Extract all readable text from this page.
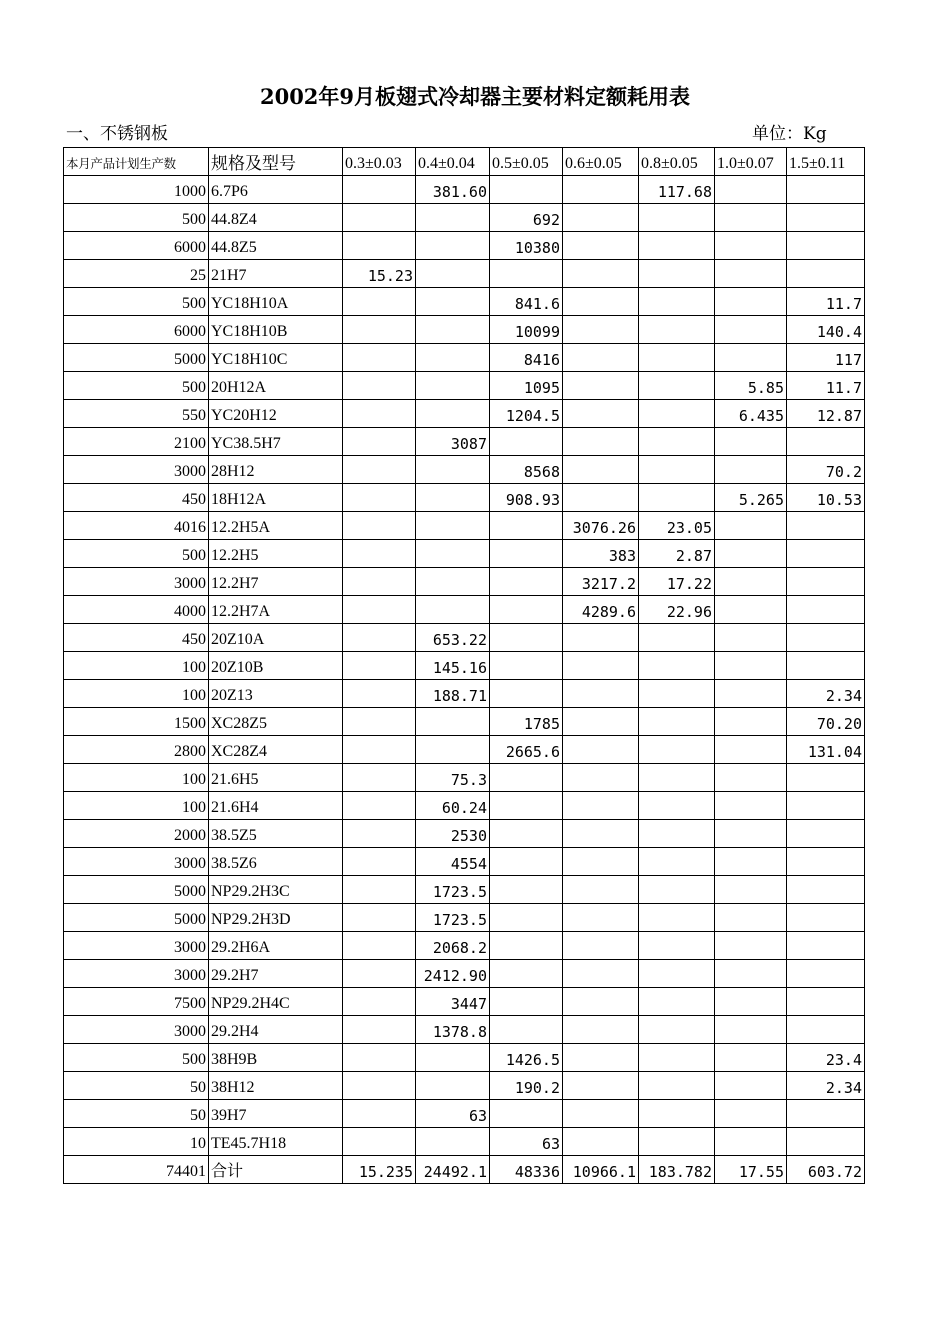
2002年9月板翅式冷却器主要材料定额耗用表
一、不锈钢板	单位：Kg
本月产品计划生产数	规格及型号	0.3±0.03	0.4±0.04	0.5±0.05	0.6±0.05	0.8±0.05	1.0±0.07	1.5±0.11
1000	6.7P6		381.60			117.68		
500	44.8Z4			692				
6000	44.8Z5			10380				
25	21H7	15.23						
500	YC18H10A			841.6				11.7
6000	YC18H10B			10099				140.4
5000	YC18H10C			8416				117
500	20H12A			1095			5.85	11.7
550	YC20H12			1204.5			6.435	12.87
2100	YC38.5H7		3087					
3000	28H12			8568				70.2
450	18H12A			908.93			5.265	10.53
4016	12.2H5A				3076.26	23.05		
500	12.2H5				383	2.87		
3000	12.2H7				3217.2	17.22		
4000	12.2H7A				4289.6	22.96		
450	20Z10A		653.22					
100	20Z10B		145.16					
100	20Z13		188.71					2.34
1500	XC28Z5			1785				70.20
2800	XC28Z4			2665.6				131.04
100	21.6H5		75.3					
100	21.6H4		60.24					
2000	38.5Z5		2530					
3000	38.5Z6		4554					
5000	NP29.2H3C		1723.5					
5000	NP29.2H3D		1723.5					
3000	29.2H6A		2068.2					
3000	29.2H7		2412.90					
7500	NP29.2H4C		3447					
3000	29.2H4		1378.8					
500	38H9B			1426.5				23.4
50	38H12			190.2				2.34
50	39H7		63					
10	TE45.7H18			63				
74401	合计	15.235	24492.1	48336	10966.1	183.782	17.55	603.72
